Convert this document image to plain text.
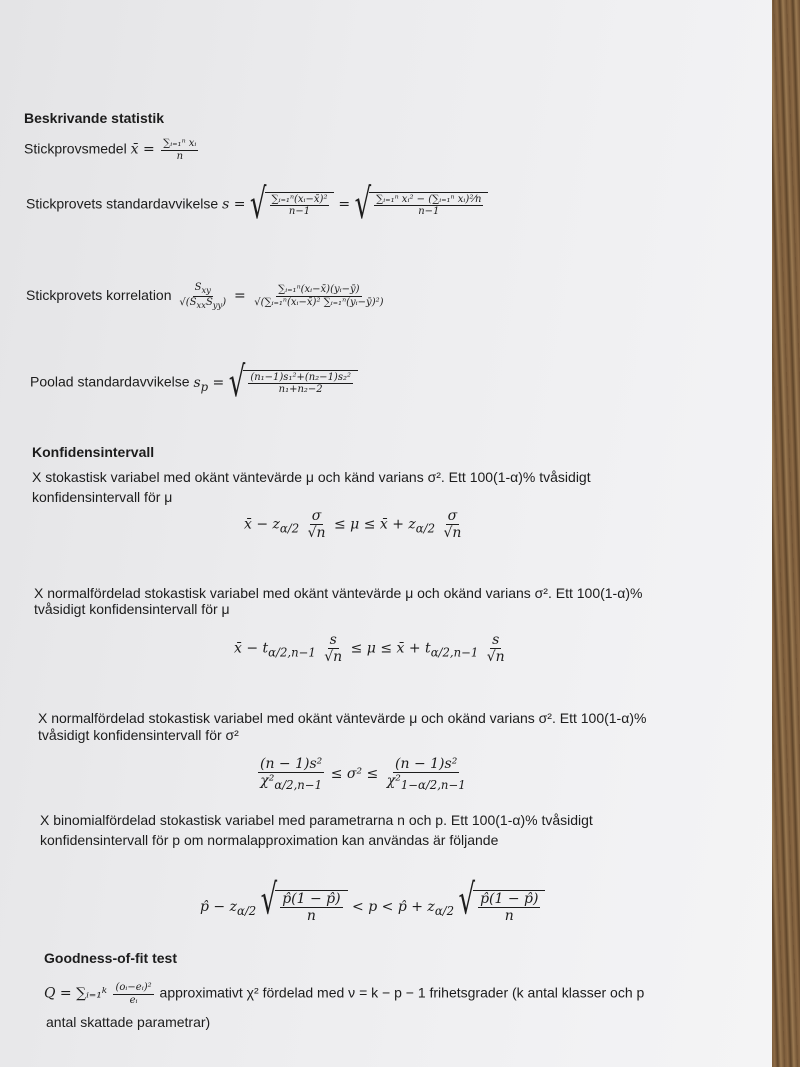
Beskrivande statistik
Stickprovsmedel x̄ = $\frac{\text{∑ᵢ₌₁ⁿ xᵢ}}{n}$
Stickprovets standardavvikelse s = √ $\frac{\text{∑ᵢ₌₁ⁿ(xᵢ−x̄)²}}{n-1}$ = √ $\frac{\text{∑ᵢ₌₁ⁿ xᵢ² − (∑ᵢ₌₁ⁿ xᵢ)²⁄n}}{n-1}$
Stickprovets korrelation $\frac{S_{xy}}{√(S_{xx}S_{yy})} = \frac{\text{∑ᵢ₌₁ⁿ(xᵢ−x̄)(yᵢ−ȳ)}}{\text{√(∑ᵢ₌₁ⁿ(xᵢ−x̄)² ∑ᵢ₌₁ⁿ(yᵢ−ȳ)²)}}$
Poolad standardavvikelse $s_p$ = √ $\frac{\text{(n₁−1)s₁²+(n₂−1)s₂²}}{\text{n₁+n₂−2}}$
Konfidensintervall
X stokastisk variabel med okänt väntevärde μ och känd varians σ². Ett 100(1-α)% tvåsidigt
konfidensintervall för μ
x̄ − $z_{\alpha/2} \frac{\sigma}{√n} \le \mu$ ≤ x̄ + $z_{\alpha/2} \frac{\sigma}{√n}$
X normalfördelad stokastisk variabel med okänt väntevärde μ och okänd varians σ². Ett 100(1-α)%
tvåsidigt konfidensintervall för μ
x̄ − $t_{\alpha/2,n-1} \frac{s}{√n} \le \mu$ ≤ x̄ + $t_{\alpha/2,n-1} \frac{s}{√n}$
X normalfördelad stokastisk variabel med okänt väntevärde μ och okänd varians σ². Ett 100(1-α)%
tvåsidigt konfidensintervall för σ²
$\frac{\text{(n − 1)s²}}{\chi^2_{\alpha/2,n-1}} \le \sigma^2 \le \frac{\text{(n − 1)s²}}{\chi^2_{1-\alpha/2,n-1}}$
X binomialfördelad stokastisk variabel med parametrarna n och p. Ett 100(1-α)% tvåsidigt
konfidensintervall för p om normalapproximation kan användas är följande
p̂ − $z_{\alpha/2}$ √ $\frac{p̂(1 - p̂)}{n} < p$ < p̂ + $z_{\alpha/2}$ √ $\frac{p̂(1 - p̂)}{n}$
Goodness-of-fit test
Q = ∑ᵢ₌₁ᵏ $\frac{\text{(oᵢ−eᵢ)²}}{\text{eᵢ}}$ approximativt χ² fördelad med ν = k − p − 1 frihetsgrader (k antal klasser och p
antal skattade parametrar)
